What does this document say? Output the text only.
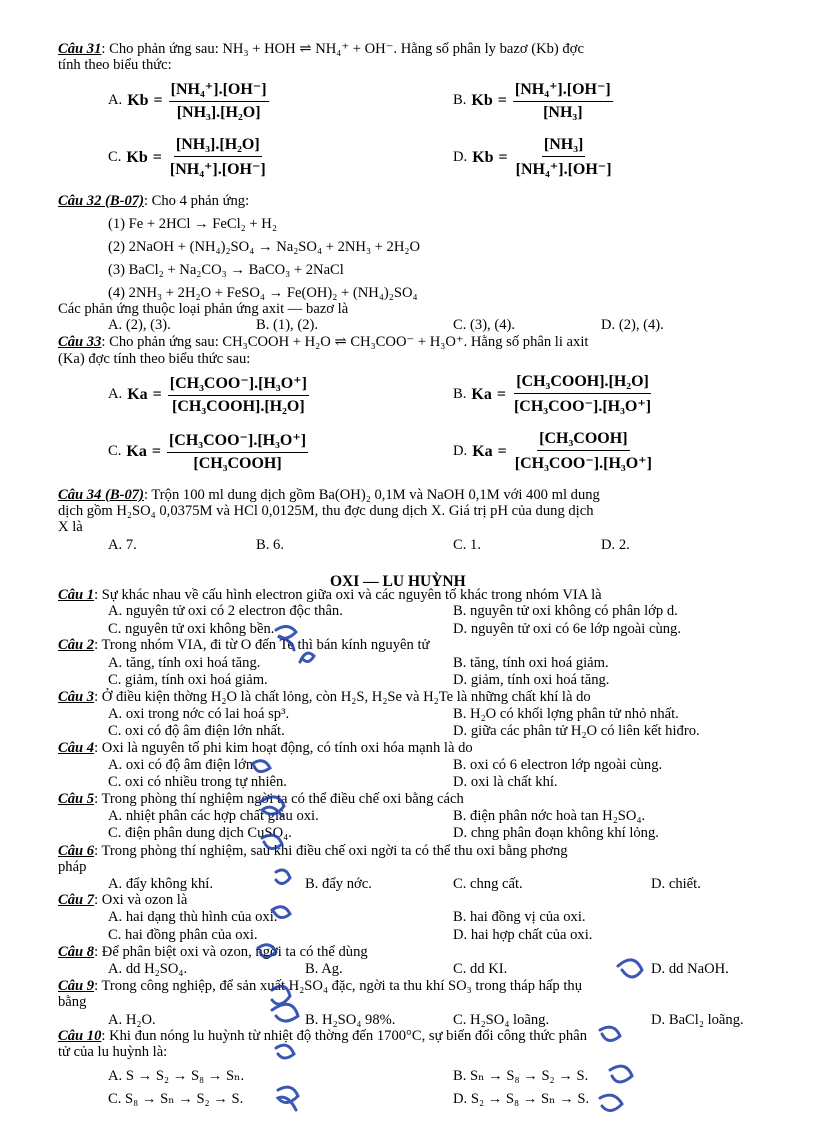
Câu 31: Cho phản ứng sau: NH₃ + HOH ⇌ NH₄⁺ + OH⁻. Hằng số phân ly bazơ (Kb) đợc
tính theo biểu thức:
A. $Kb = \frac{\text{[NH₄⁺].[OH⁻]}}{\text{[NH₃].[H₂O]}}$	B. $Kb = \frac{\text{[NH₄⁺].[OH⁻]}}{\text{[NH₃]}}$
C. $Kb = \frac{\text{[NH₃].[H₂O]}}{\text{[NH₄⁺].[OH⁻]}}$	D. $Kb = \frac{\text{[NH₃]}}{\text{[NH₄⁺].[OH⁻]}}$
Câu 32 (B-07): Cho 4 phản ứng:
(1) Fe + 2HCl → FeCl₂ + H₂
(2) 2NaOH + (NH₄)₂SO₄ → Na₂SO₄ + 2NH₃ + 2H₂O
(3) BaCl₂ + Na₂CO₃ → BaCO₃ + 2NaCl
(4) 2NH₃ + 2H₂O + FeSO₄ → Fe(OH)₂ + (NH₄)₂SO₄
Các phản ứng thuộc loại phản ứng axit — bazơ là
A. (2), (3).	B. (1), (2).	C. (3), (4).	D. (2), (4).
Câu 33: Cho phản ứng sau: CH₃COOH + H₂O ⇌ CH₃COO⁻ + H₃O⁺. Hằng số phân li axit
(Ka) đợc tính theo biểu thức sau:
A. Ka =
[CH₃COO⁻].[H₃O⁺]
[CH₃COOH].[H₂O]
B. Ka =
[CH₃COOH].[H₂O]
[CH₃COO⁻].[H₃O⁺]
C. Ka =
[CH₃COO⁻].[H₃O⁺]
[CH₃COOH]
D. Ka =
[CH₃COOH]
[CH₃COO⁻].[H₃O⁺]
Câu 34 (B-07): Trộn 100 ml dung dịch gồm Ba(OH)₂ 0,1M và NaOH 0,1M với 400 ml dung
dịch gồm H₂SO₄ 0,0375M và HCl 0,0125M, thu đợc dung dịch X. Giá trị pH của dung dịch
X là
A. 7.	B. 6.	C. 1.	D. 2.
OXI — LU HUỲNH
Câu 1: Sự khác nhau về cấu hình electron giữa oxi và các nguyên tố khác trong nhóm VIA là
A. nguyên tử oxi có 2 electron độc thân.	B. nguyên tử oxi không có phân lớp d.
C. nguyên tử oxi không bền.	D. nguyên tử oxi có 6e lớp ngoài cùng.
Câu 2: Trong nhóm VIA, đi từ O đến Te thì bán kính nguyên tử
A. tăng, tính oxi hoá tăng.	B. tăng, tính oxi hoá giảm.
C. giảm, tính oxi hoá giảm.	D. giảm, tính oxi hoá tăng.
Câu 3: Ở điều kiện thờng H₂O là chất lỏng, còn H₂S, H₂Se và H₂Te là những chất khí là do
A. oxi trong nớc có lai hoá sp³.	B. H₂O có khối lợng phân tử nhỏ nhất.
C. oxi có độ âm điện lớn nhất.	D. giữa các phân tử H₂O có liên kết hiđro.
Câu 4: Oxi là nguyên tố phi kim hoạt động, có tính oxi hóa mạnh là do
A. oxi có độ âm điện lớn.	B. oxi có 6 electron lớp ngoài cùng.
C. oxi có nhiều trong tự nhiên.	D. oxi là chất khí.
Câu 5: Trong phòng thí nghiệm ngời ta có thể điều chế oxi bằng cách
A. nhiệt phân các hợp chất giàu oxi.	B. điện phân nớc hoà tan H₂SO₄.
C. điện phân dung dịch CuSO₄.	D. chng phân đoạn không khí lỏng.
Câu 6: Trong phòng thí nghiệm, sau khi điều chế oxi ngời ta có thể thu oxi bằng phơng
pháp
A. đẩy không khí.	B. đẩy nớc.	C. chng cất.	D. chiết.
Câu 7: Oxi và ozon là
A. hai dạng thù hình của oxi.	B. hai đồng vị của oxi.
C. hai đồng phân của oxi.	D. hai hợp chất của oxi.
Câu 8: Để phân biệt oxi và ozon, ngời ta có thể dùng
A. dd H₂SO₄.	B. Ag.	C. dd KI.	D. dd NaOH.
Câu 9: Trong công nghiệp, để sản xuất H₂SO₄ đặc, ngời ta thu khí SO₃ trong tháp hấp thụ
bằng
A. H₂O.	B. H₂SO₄ 98%.	C. H₂SO₄ loãng.	D. BaCl₂ loãng.
Câu 10: Khi đun nóng lu huỳnh từ nhiệt độ thờng đến 1700°C, sự biến đổi công thức phân
tử của lu huỳnh là:
A. S → S₂ → S₈ → Sₙ.	B. Sₙ → S₈ → S₂ → S.
C. S₈ → Sₙ → S₂ → S.	D. S₂ → S₈ → Sₙ → S.
